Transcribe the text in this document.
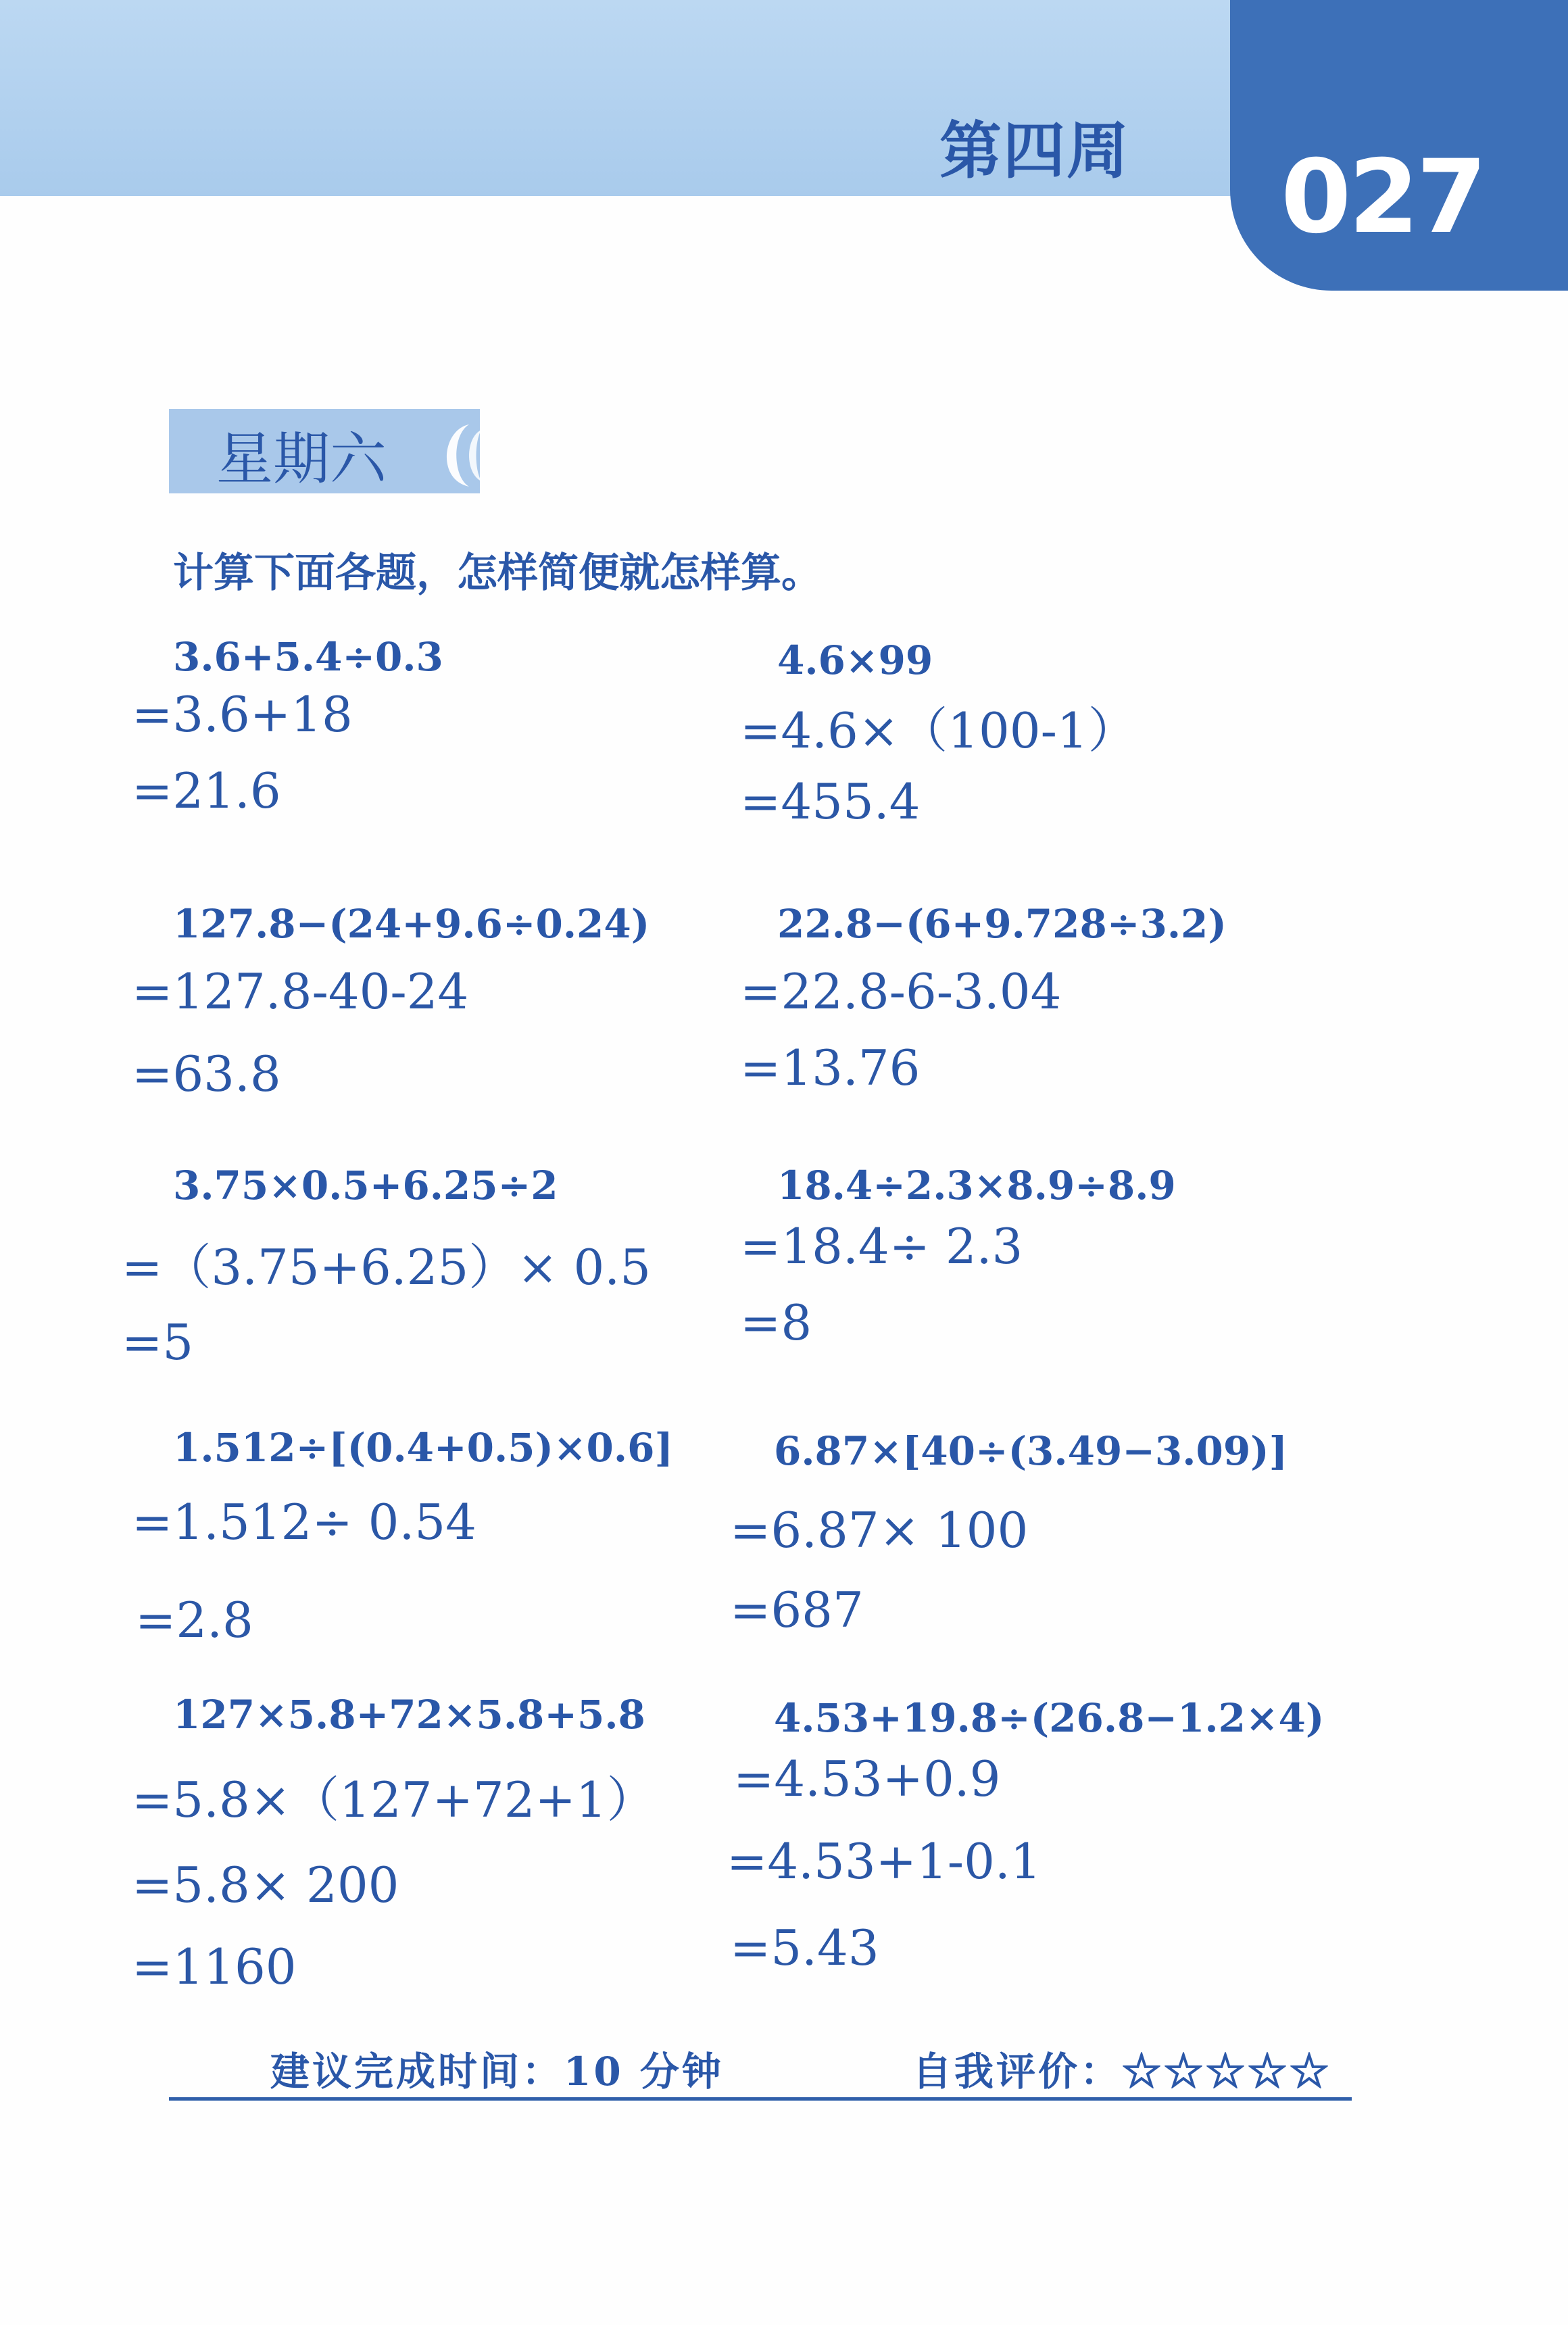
第四周 027
星期六
计算下面各题，怎样简便就怎样算。
3.6+5.4÷0.3
=3.6+18
=21.6
4.6×99
=4.6×（100-1）
=455.4
127.8−(24+9.6÷0.24)
=127.8-40-24
=63.8
22.8−(6+9.728÷3.2)
=22.8-6-3.04
=13.76
3.75×0.5+6.25÷2
=（3.75+6.25）× 0.5
=5
18.4÷2.3×8.9÷8.9
=18.4÷ 2.3
=8
1.512÷[(0.4+0.5)×0.6]
=1.512÷ 0.54
=2.8
6.87×[40÷(3.49−3.09)]
=6.87× 100
=687
127×5.8+72×5.8+5.8
=5.8×（127+72+1）
=5.8× 200
=1160
4.53+19.8÷(26.8−1.2×4)
=4.53+0.9
=4.53+1-0.1
=5.43
建议完成时间：10 分钟	自我评价：☆☆☆☆☆
